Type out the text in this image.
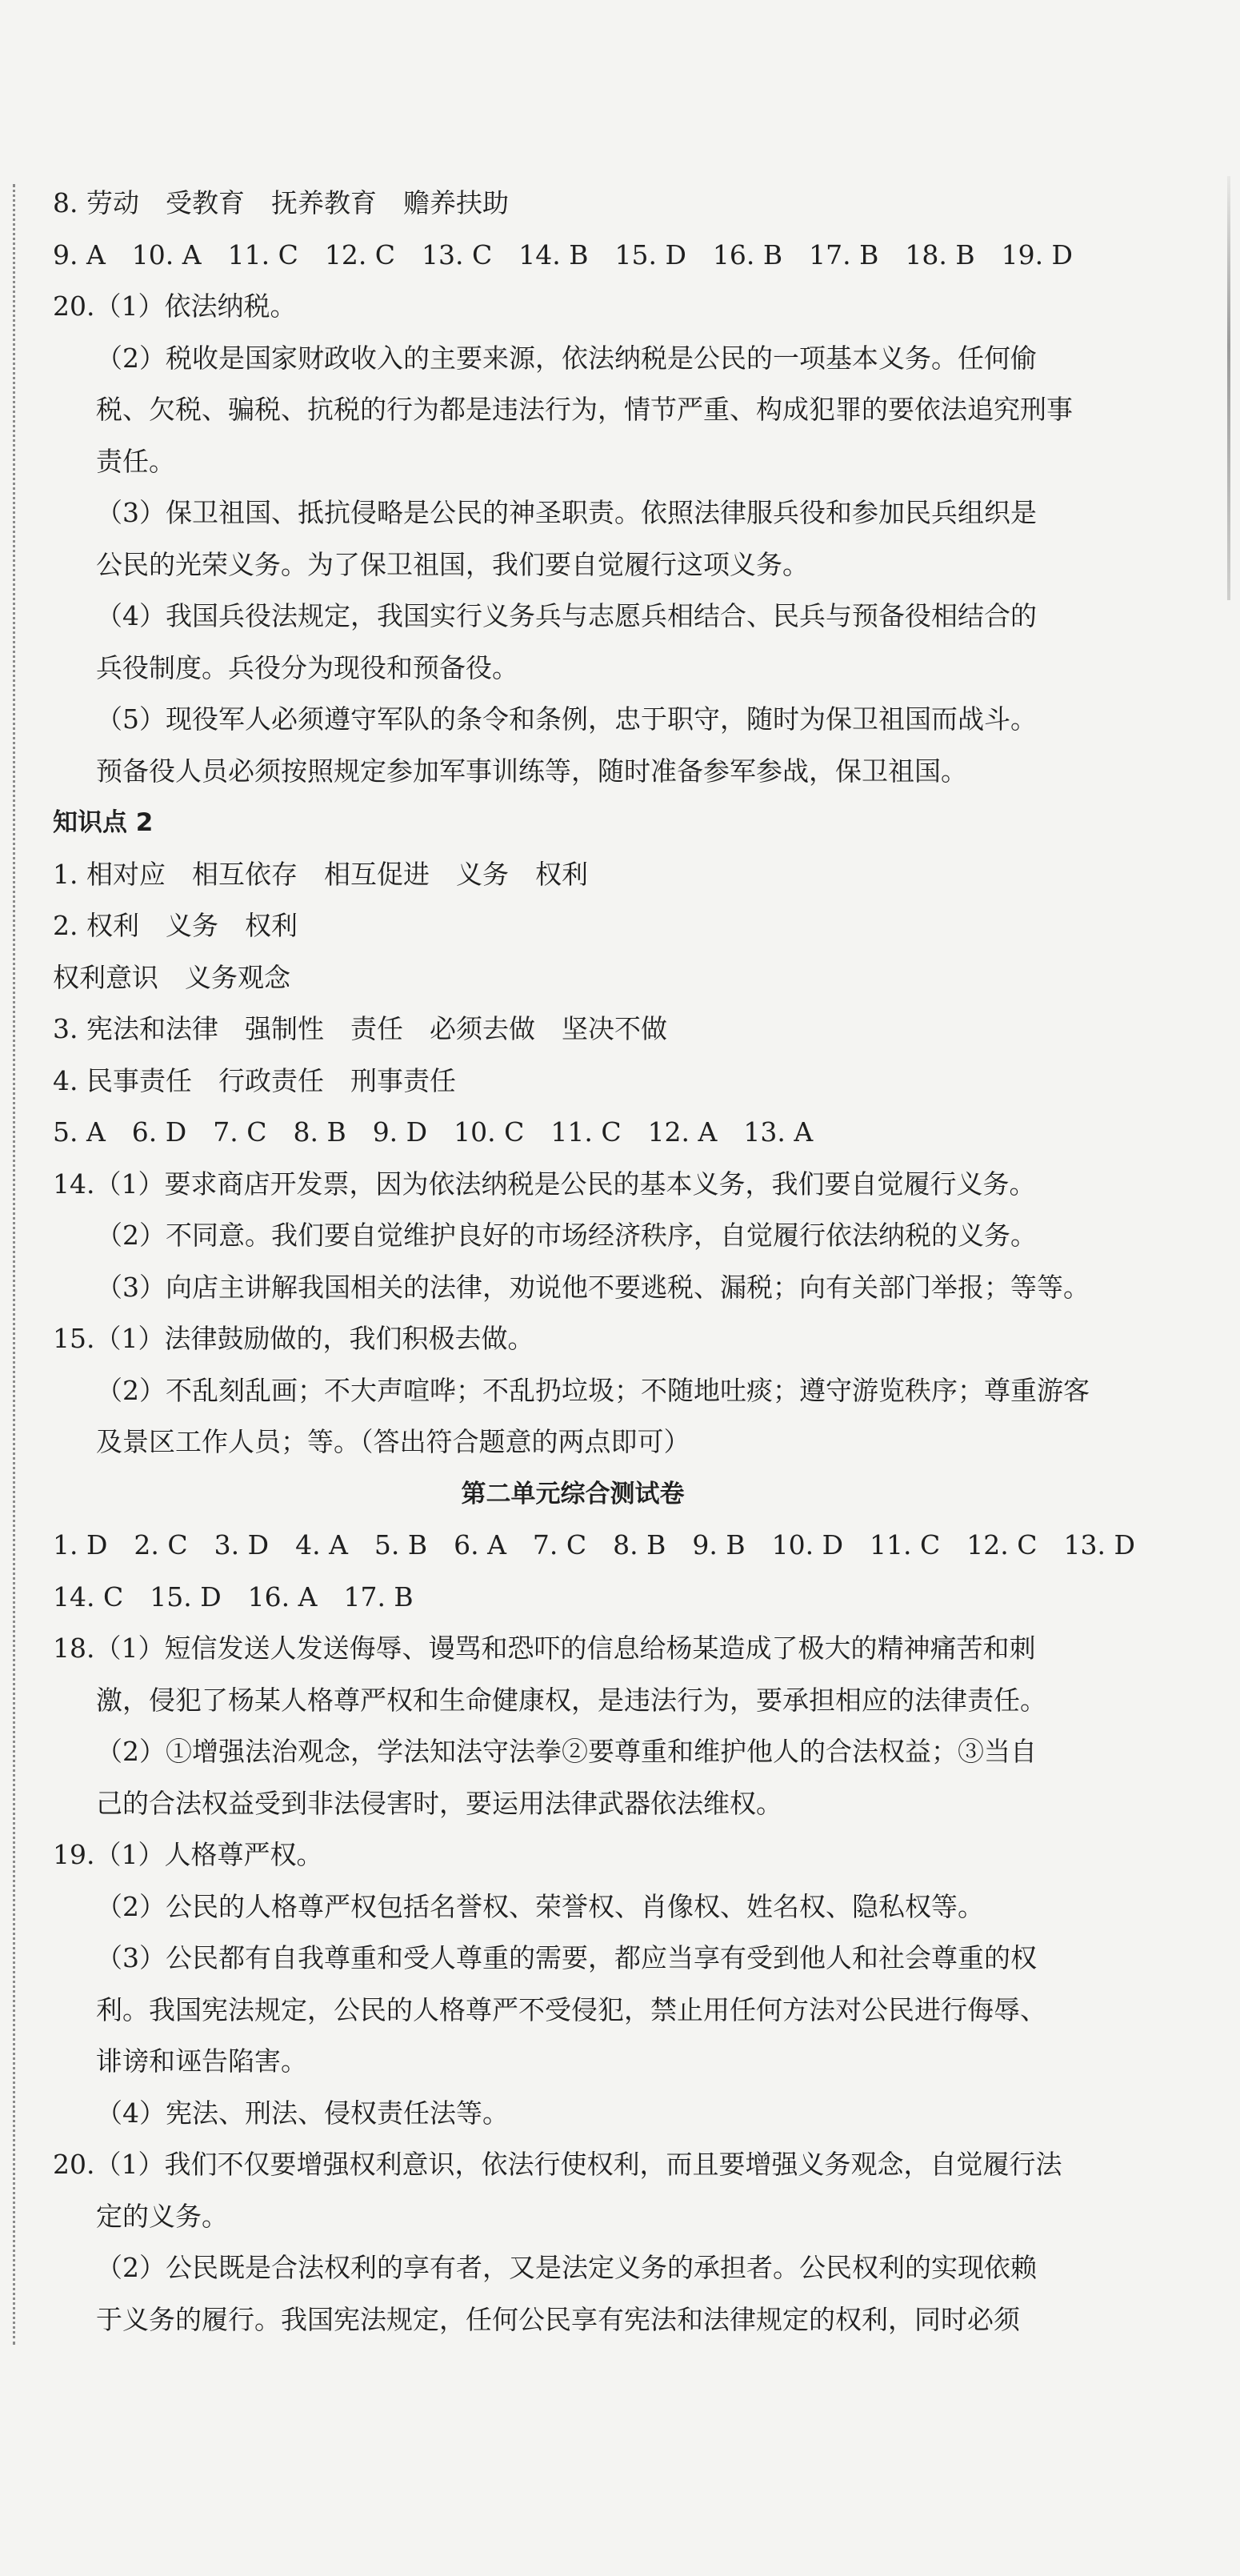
8. 劳动　受教育　抚养教育　赡养扶助
9. A　10. A　11. C　12. C　13. C　14. B　15. D　16. B　17. B　18. B　19. D
20.（1）依法纳税。
（2）税收是国家财政收入的主要来源，依法纳税是公民的一项基本义务。任何偷
税、欠税、骗税、抗税的行为都是违法行为，情节严重、构成犯罪的要依法追究刑事
责任。
（3）保卫祖国、抵抗侵略是公民的神圣职责。依照法律服兵役和参加民兵组织是
公民的光荣义务。为了保卫祖国，我们要自觉履行这项义务。
（4）我国兵役法规定，我国实行义务兵与志愿兵相结合、民兵与预备役相结合的
兵役制度。兵役分为现役和预备役。
（5）现役军人必须遵守军队的条令和条例，忠于职守，随时为保卫祖国而战斗。
预备役人员必须按照规定参加军事训练等，随时准备参军参战，保卫祖国。
知识点 2
1. 相对应　相互依存　相互促进　义务　权利
2. 权利　义务　权利
权利意识　义务观念
3. 宪法和法律　强制性　责任　必须去做　坚决不做
4. 民事责任　行政责任　刑事责任
5. A　6. D　7. C　8. B　9. D　10. C　11. C　12. A　13. A
14.（1）要求商店开发票，因为依法纳税是公民的基本义务，我们要自觉履行义务。
（2）不同意。我们要自觉维护良好的市场经济秩序，自觉履行依法纳税的义务。
（3）向店主讲解我国相关的法律，劝说他不要逃税、漏税；向有关部门举报；等等。
15.（1）法律鼓励做的，我们积极去做。
（2）不乱刻乱画；不大声喧哗；不乱扔垃圾；不随地吐痰；遵守游览秩序；尊重游客
及景区工作人员；等。（答出符合题意的两点即可）
第二单元综合测试卷
1. D　2. C　3. D　4. A　5. B　6. A　7. C　8. B　9. B　10. D　11. C　12. C　13. D
14. C　15. D　16. A　17. B
18.（1）短信发送人发送侮辱、谩骂和恐吓的信息给杨某造成了极大的精神痛苦和刺
激，侵犯了杨某人格尊严权和生命健康权，是违法行为，要承担相应的法律责任。
（2）①增强法治观念，学法知法守法拳②要尊重和维护他人的合法权益；③当自
己的合法权益受到非法侵害时，要运用法律武器依法维权。
19.（1）人格尊严权。
（2）公民的人格尊严权包括名誉权、荣誉权、肖像权、姓名权、隐私权等。
（3）公民都有自我尊重和受人尊重的需要，都应当享有受到他人和社会尊重的权
利。我国宪法规定，公民的人格尊严不受侵犯，禁止用任何方法对公民进行侮辱、
诽谤和诬告陷害。
（4）宪法、刑法、侵权责任法等。
20.（1）我们不仅要增强权利意识，依法行使权利，而且要增强义务观念，自觉履行法
定的义务。
（2）公民既是合法权利的享有者，又是法定义务的承担者。公民权利的实现依赖
于义务的履行。我国宪法规定，任何公民享有宪法和法律规定的权利，同时必须
